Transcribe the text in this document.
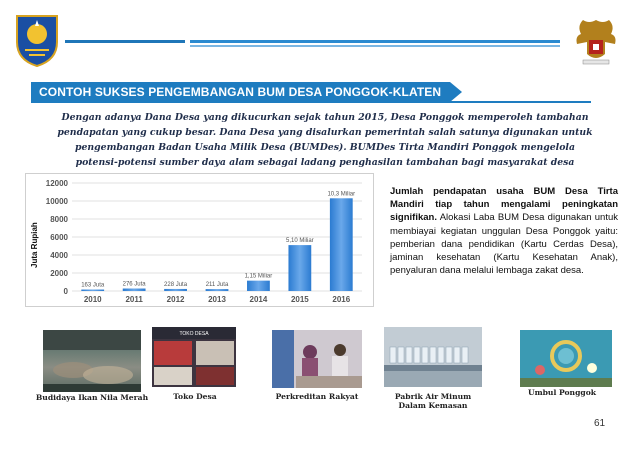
CONTOH SUKSES PENGEMBANGAN BUM DESA PONGGOK-KLATEN
Dengan adanya Dana Desa yang dikucurkan sejak tahun 2015, Desa Ponggok memperoleh tambahan pendapatan yang cukup besar. Dana Desa yang disalurkan pemerintah salah satunya digunakan untuk pengembangan Badan Usaha Milik Desa (BUMDes). BUMDes Tirta Mandiri Ponggok mengelola potensi-potensi sumber daya alam sebagai ladang penghasilan tambahan bagi masyarakat desa
Juta Rupiah
0
2000
4000
6000
8000
10000
12000
163 Juta
2010
276 Juta
2011
228 Juta
2012
211 Juta
2013
1,15 Miliar
2014
5,10 Miliar
2015
10,3 Miliar
2016
Jumlah pendapatan usaha BUM Desa Tirta Mandiri tiap tahun mengalami peningkatan signifikan. Alokasi Laba BUM Desa digunakan untuk membiayai kegiatan unggulan Desa Ponggok yaitu: pemberian dana pendidikan (Kartu Cerdas Desa), jaminan kesehatan (Kartu Kesehatan Anak), penyaluran dana melalui lembaga zakat desa.
TOKO DESA
Budidaya Ikan Nila Merah	Toko Desa	Perkreditan Rakyat	Pabrik Air Minum Dalam Kemasan
Umbul Ponggok
61
